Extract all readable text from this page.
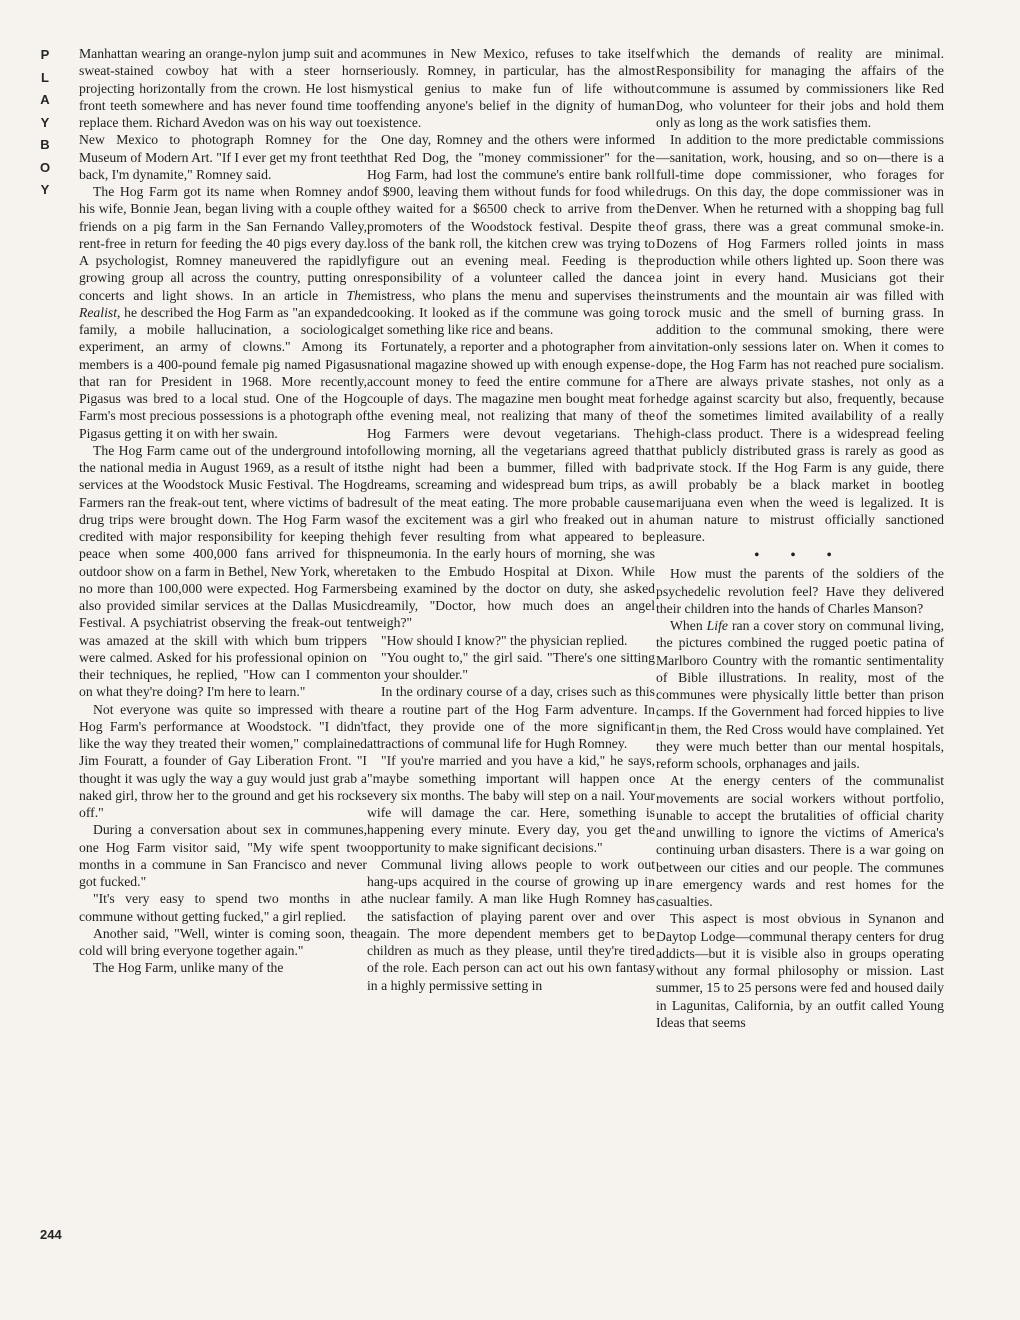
P
L
A
Y
B
O
Y

Manhattan wearing an orange-nylon jump suit and a sweat-stained cowboy hat with a steer horn projecting horizontally from the crown. He lost his front teeth somewhere and has never found time to replace them. Richard Avedon was on his way out to New Mexico to photograph Romney for the Museum of Modern Art. "If I ever get my front teeth back, I'm dynamite," Romney said.

The Hog Farm got its name when Romney and his wife, Bonnie Jean, began living with a couple of friends on a pig farm in the San Fernando Valley, rent-free in return for feeding the 40 pigs every day. A psychologist, Romney maneuvered the rapidly growing group all across the country, putting on concerts and light shows. In an article in The Realist, he described the Hog Farm as "an expanded family, a mobile hallucination, a sociological experiment, an army of clowns." Among its members is a 400-pound female pig named Pigasus that ran for President in 1968. More recently, Pigasus was bred to a local stud. One of the Hog Farm's most precious possessions is a photograph of Pigasus getting it on with her swain.

The Hog Farm came out of the underground into the national media in August 1969, as a result of its services at the Woodstock Music Festival. The Hog Farmers ran the freak-out tent, where victims of bad drug trips were brought down. The Hog Farm was credited with major responsibility for keeping the peace when some 400,000 fans arrived for this outdoor show on a farm in Bethel, New York, where no more than 100,000 were expected. Hog Farmers also provided similar services at the Dallas Music Festival. A psychiatrist observing the freak-out tent was amazed at the skill with which bum trippers were calmed. Asked for his professional opinion on their techniques, he replied, "How can I comment on what they're doing? I'm here to learn."

Not everyone was quite so impressed with the Hog Farm's performance at Woodstock. "I didn't like the way they treated their women," complained Jim Fouratt, a founder of Gay Liberation Front. "I thought it was ugly the way a guy would just grab a naked girl, throw her to the ground and get his rocks off."

During a conversation about sex in communes, one Hog Farm visitor said, "My wife spent two months in a commune in San Francisco and never got fucked."

"It's very easy to spend two months in a commune without getting fucked," a girl replied.

Another said, "Well, winter is coming soon, the cold will bring everyone together again."

The Hog Farm, unlike many of the

communes in New Mexico, refuses to take itself seriously. Romney, in particular, has the almost mystical genius to make fun of life without offending anyone's belief in the dignity of human existence.

One day, Romney and the others were informed that Red Dog, the "money commissioner" for the Hog Farm, had lost the commune's entire bank roll of $900, leaving them without funds for food while they waited for a $6500 check to arrive from the promoters of the Woodstock festival. Despite the loss of the bank roll, the kitchen crew was trying to figure out an evening meal. Feeding is the responsibility of a volunteer called the dance mistress, who plans the menu and supervises the cooking. It looked as if the commune was going to get something like rice and beans.

Fortunately, a reporter and a photographer from a national magazine showed up with enough expense-account money to feed the entire commune for a couple of days. The magazine men bought meat for the evening meal, not realizing that many of the Hog Farmers were devout vegetarians. The following morning, all the vegetarians agreed that the night had been a bummer, filled with bad dreams, screaming and widespread bum trips, as a result of the meat eating. The more probable cause of the excitement was a girl who freaked out in a high fever resulting from what appeared to be pneumonia. In the early hours of morning, she was taken to the Embudo Hospital at Dixon. While being examined by the doctor on duty, she asked dreamily, "Doctor, how much does an angel weigh?"

"How should I know?" the physician replied.

"You ought to," the girl said. "There's one sitting on your shoulder."

In the ordinary course of a day, crises such as this are a routine part of the Hog Farm adventure. In fact, they provide one of the more significant attractions of communal life for Hugh Romney.

"If you're married and you have a kid," he says, "maybe something important will happen once every six months. The baby will step on a nail. Your wife will damage the car. Here, something is happening every minute. Every day, you get the opportunity to make significant decisions."

Communal living allows people to work out hang-ups acquired in the course of growing up in the nuclear family. A man like Hugh Romney has the satisfaction of playing parent over and over again. The more dependent members get to be children as much as they please, until they're tired of the role. Each person can act out his own fantasy in a highly permissive setting in

which the demands of reality are minimal. Responsibility for managing the affairs of the commune is assumed by commissioners like Red Dog, who volunteer for their jobs and hold them only as long as the work satisfies them.

In addition to the more predictable commissions—sanitation, work, housing, and so on—there is a full-time dope commissioner, who forages for drugs. On this day, the dope commissioner was in Denver. When he returned with a shopping bag full of grass, there was a great communal smoke-in. Dozens of Hog Farmers rolled joints in mass production while others lighted up. Soon there was a joint in every hand. Musicians got their instruments and the mountain air was filled with rock music and the smell of burning grass. In addition to the communal smoking, there were invitation-only sessions later on. When it comes to dope, the Hog Farm has not reached pure socialism. There are always private stashes, not only as a hedge against scarcity but also, frequently, because of the sometimes limited availability of a really high-class product. There is a widespread feeling that publicly distributed grass is rarely as good as private stock. If the Hog Farm is any guide, there will probably be a black market in bootleg marijuana even when the weed is legalized. It is human nature to mistrust officially sanctioned pleasure.

• • •

How must the parents of the soldiers of the psychedelic revolution feel? Have they delivered their children into the hands of Charles Manson?

When Life ran a cover story on communal living, the pictures combined the rugged poetic patina of Marlboro Country with the romantic sentimentality of Bible illustrations. In reality, most of the communes were physically little better than prison camps. If the Government had forced hippies to live in them, the Red Cross would have complained. Yet they were much better than our mental hospitals, reform schools, orphanages and jails.

At the energy centers of the communalist movements are social workers without portfolio, unable to accept the brutalities of official charity and unwilling to ignore the victims of America's continuing urban disasters. There is a war going on between our cities and our people. The communes are emergency wards and rest homes for the casualties.

This aspect is most obvious in Synanon and Daytop Lodge—communal therapy centers for drug addicts—but it is visible also in groups operating without any formal philosophy or mission. Last summer, 15 to 25 persons were fed and housed daily in Lagunitas, California, by an outfit called Young Ideas that seems

244
